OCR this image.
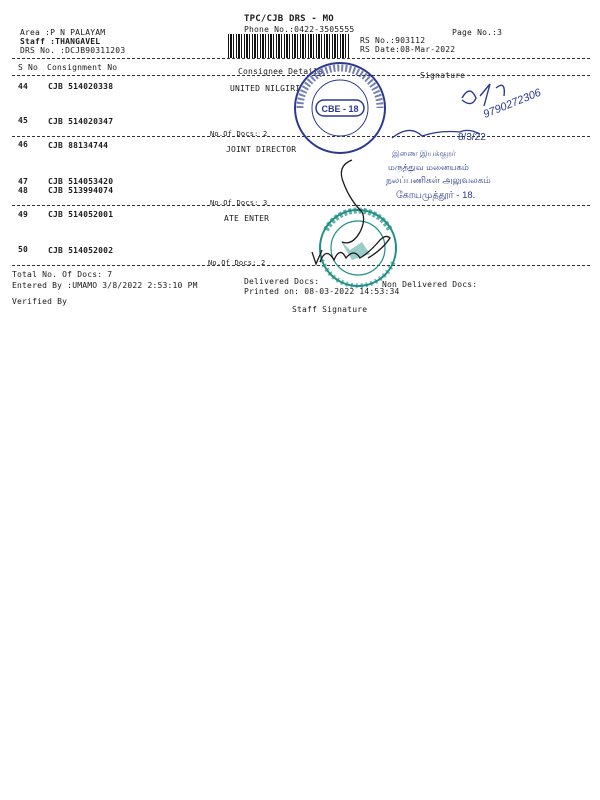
TPC/CJB DRS - MO
Phone No.:0422-3505555	Page No.:3
Area :P N PALAYAM
Staff :THANGAVEL
DRS No. :DCJB90311203
RS No.:903112
RS Date:08-Mar-2022
S No Consignment No	Consignee Details	Signature
44 CJB 514020338	UNITED NILGIRI
45 CJB 514020347
No.Of Docs: 2
46 CJB 88134744	JOINT DIRECTOR
47 CJB 514053420
48 CJB 513994074
No.Of Docs: 3
49 CJB 514052001	ATE ENTER
50 CJB 514052002
No.Of Docs: 2
Total No. Of Docs: 7
Entered By :UMAMO 3/8/2022 2:53:10 PM	Delivered Docs:	Non Delivered Docs:
Printed on: 08-03-2022 14:53:34
Verified By
Staff Signature
CBE - 18	9790272306
8/3/22
இணை இயக்குநர்
மருத்துவ மனையகம்
நலப்பணிகள் அலுவலகம்
கோயமுத்தூர் - 18.
